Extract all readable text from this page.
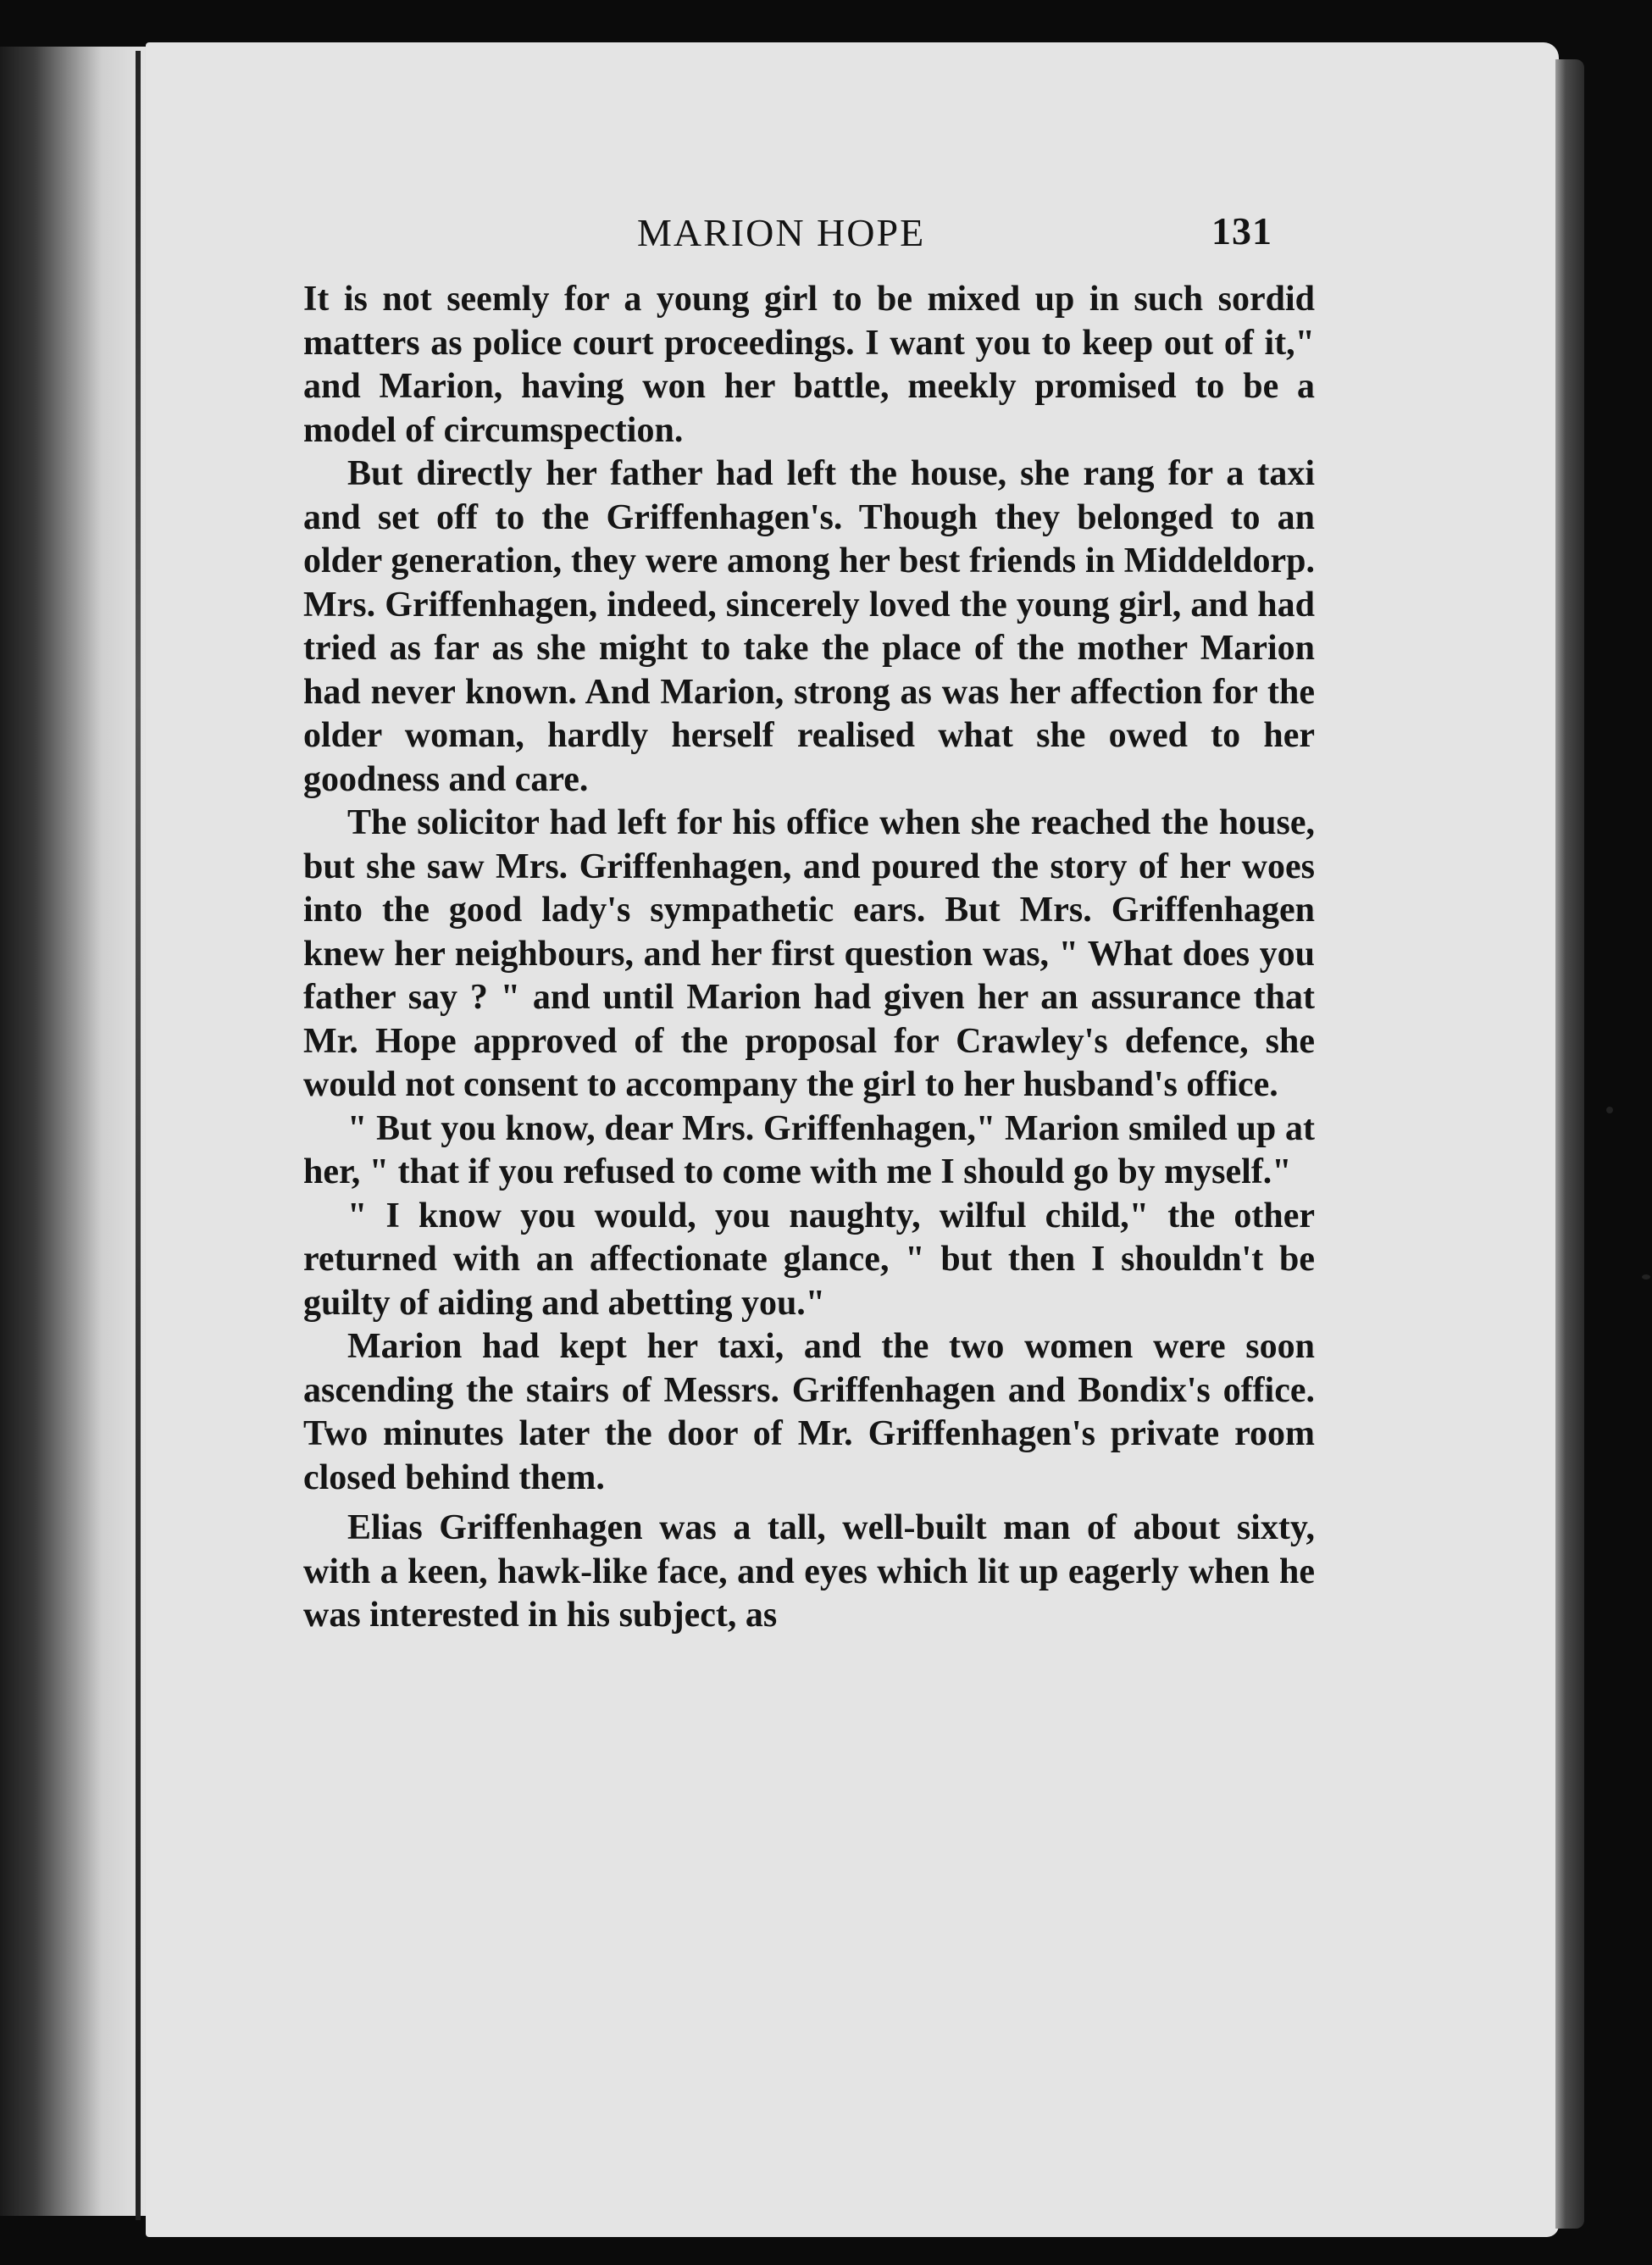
MARION HOPE	131

It is not seemly for a young girl to be mixed up in such sordid matters as police court proceedings. I want you to keep out of it," and Marion, having won her battle, meekly promised to be a model of circumspection.

But directly her father had left the house, she rang for a taxi and set off to the Griffenhagen's. Though they belonged to an older generation, they were among her best friends in Middeldorp. Mrs. Griffenhagen, indeed, sincerely loved the young girl, and had tried as far as she might to take the place of the mother Marion had never known. And Marion, strong as was her affection for the older woman, hardly herself realised what she owed to her goodness and care.

The solicitor had left for his office when she reached the house, but she saw Mrs. Griffenhagen, and poured the story of her woes into the good lady's sympathetic ears. But Mrs. Griffenhagen knew her neighbours, and her first question was, " What does you father say ? " and until Marion had given her an assurance that Mr. Hope approved of the proposal for Crawley's defence, she would not consent to accompany the girl to her husband's office.

" But you know, dear Mrs. Griffenhagen," Marion smiled up at her, " that if you refused to come with me I should go by myself."

" I know you would, you naughty, wilful child," the other returned with an affectionate glance, " but then I shouldn't be guilty of aiding and abetting you."

Marion had kept her taxi, and the two women were soon ascending the stairs of Messrs. Griffenhagen and Bondix's office. Two minutes later the door of Mr. Griffenhagen's private room closed behind them.

Elias Griffenhagen was a tall, well-built man of about sixty, with a keen, hawk-like face, and eyes which lit up eagerly when he was interested in his subject, as
